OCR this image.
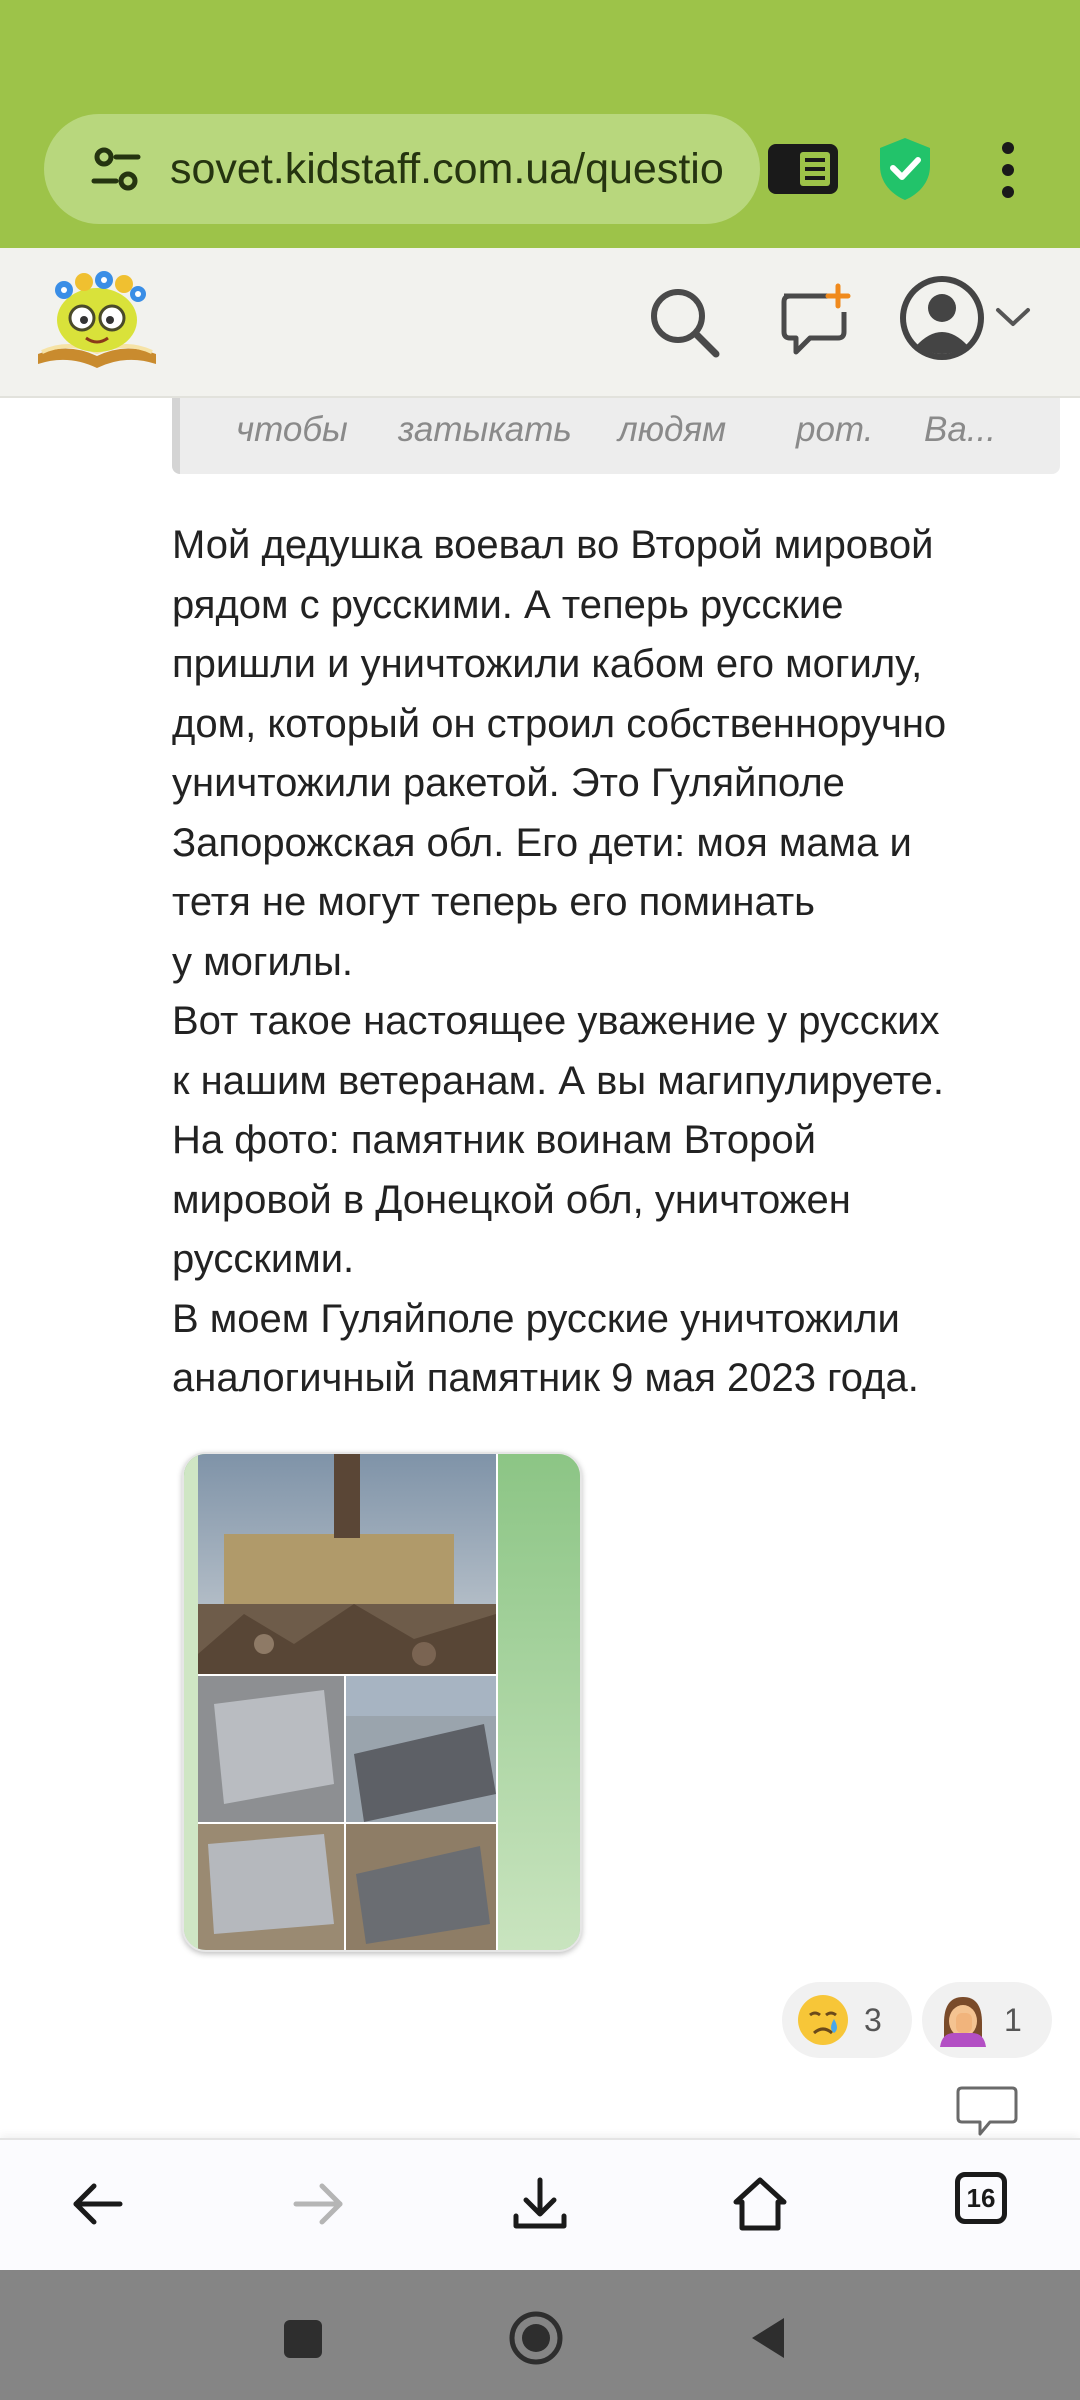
sovet.kidstaff.com.ua/questio
чтобы затыкать людям рот. Ва...

Мой дедушка воевал во Второй мировой

рядом с русскими. А теперь русские

пришли и уничтожили кабом его могилу,

дом, который он строил собственноручно

уничтожили ракетой. Это Гуляйполе

Запорожская обл. Его дети: моя мама и

тетя не могут теперь его поминать

у могилы.

Вот такое настоящее уважение у русских

к нашим ветеранам. А вы магипулируете.

На фото: памятник воинам Второй

мировой в Донецкой обл, уничтожен

русскими.

В моем Гуляйполе русские уничтожили

аналогичный памятник 9 мая 2023 года.

3	1
16
